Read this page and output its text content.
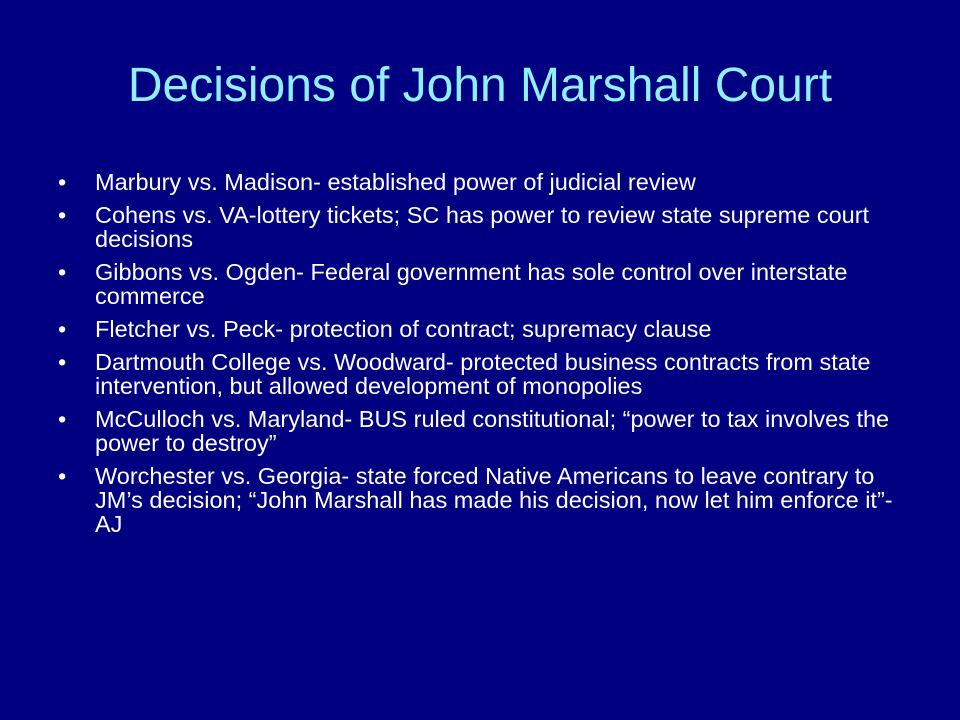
Decisions of John Marshall Court
•	Marbury vs. Madison- established power of judicial review
•	Cohens vs. VA-lottery tickets; SC has power to review state supreme court decisions
•	Gibbons vs. Ogden- Federal government has sole control over interstate commerce
•	Fletcher vs. Peck- protection of contract; supremacy clause
•	Dartmouth College vs. Woodward- protected business contracts from state intervention, but allowed development of monopolies
•	McCulloch vs. Maryland- BUS ruled constitutional; “power to tax involves the power to destroy”
•	Worchester vs. Georgia- state forced Native Americans to leave contrary to JM’s decision; “John Marshall has made his decision, now let him enforce it”- AJ
